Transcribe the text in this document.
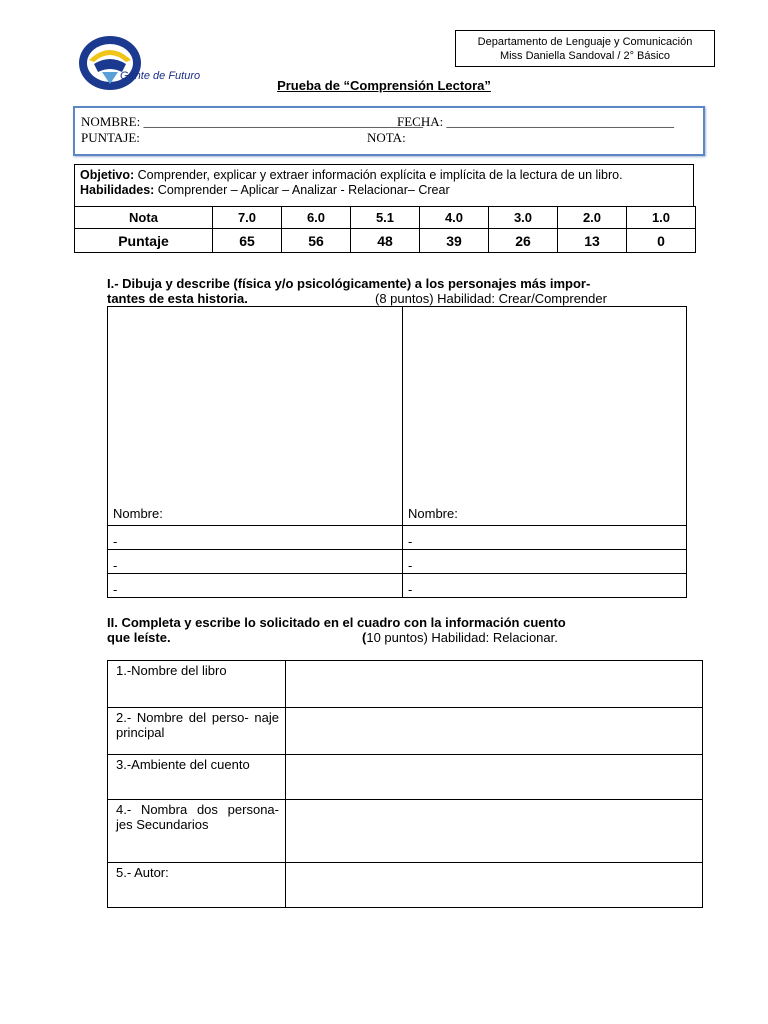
Gente de Futuro
Departamento de Lenguaje y Comunicación
Miss Daniella Sandoval / 2° Básico
Prueba de “Comprensión Lectora”
NOMBRE: ___________________________________________
FECHA: ___________________________________
PUNTAJE:	NOTA:
Objetivo: Comprender, explicar y extraer información explícita e implícita de la lectura de un libro.
Habilidades: Comprender – Aplicar – Analizar - Relacionar– Crear
Nota	7.0	6.0	5.1	4.0	3.0	2.0	1.0
Puntaje	65	56	48	39	26	13	0
I.- Dibuja y describe (física y/o psicológicamente) a los personajes más impor-
tantes de esta historia.	(8 puntos) Habilidad: Crear/Comprender
Nombre:	Nombre:

-	-
-	-
-	-
II. Completa y escribe lo solicitado en el cuadro con la información cuento
que leíste.	(10 puntos) Habilidad: Relacionar.
1.-Nombre del libro	
2.- Nombre del perso- naje principal	
3.-Ambiente del cuento	
4.- Nombra dos persona- jes Secundarios	
5.- Autor:	
